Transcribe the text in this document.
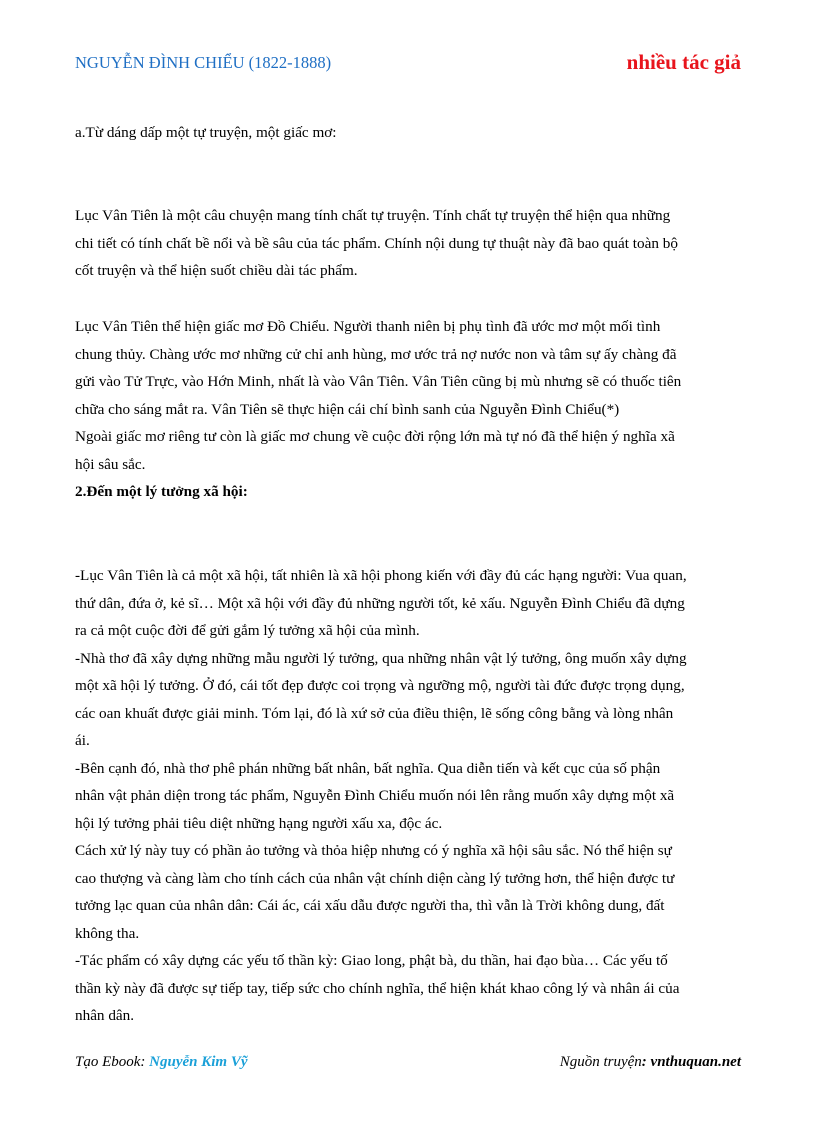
NGUYỄN ĐÌNH CHIỂU (1822-1888)	nhiều tác giả

a.Từ dáng dấp một tự truyện, một giấc mơ:

Lục Vân Tiên là một câu chuyện mang tính chất tự truyện. Tính chất tự truyện thể hiện qua những
chi tiết có tính chất bề nổi và bề sâu của tác phẩm. Chính nội dung tự thuật này đã bao quát toàn bộ
cốt truyện và thể hiện suốt chiều dài tác phẩm.

Lục Vân Tiên thể hiện giấc mơ Đồ Chiểu. Người thanh niên bị phụ tình đã ước mơ một mối tình
chung thủy. Chàng ước mơ những cử chỉ anh hùng, mơ ước trả nợ nước non và tâm sự ấy chàng đã
gửi vào Tử Trực, vào Hớn Minh, nhất là vào Vân Tiên. Vân Tiên cũng bị mù nhưng sẽ có thuốc tiên
chữa cho sáng mắt ra. Vân Tiên sẽ thực hiện cái chí bình sanh của Nguyễn Đình Chiểu(*)
Ngoài giấc mơ riêng tư còn là giấc mơ chung về cuộc đời rộng lớn mà tự nó đã thể hiện ý nghĩa xã
hội sâu sắc.
2.Đến một lý tưởng xã hội:

-Lục Vân Tiên là cả một xã hội, tất nhiên là xã hội phong kiến với đầy đủ các hạng người: Vua quan,
thứ dân, đứa ở, kẻ sĩ… Một xã hội với đầy đủ những người tốt, kẻ xấu. Nguyễn Đình Chiểu đã dựng
ra cả một cuộc đời để gửi gắm lý tưởng xã hội của mình.
-Nhà thơ đã xây dựng những mẫu người lý tưởng, qua những nhân vật lý tưởng, ông muốn xây dựng
một xã hội lý tưởng. Ở đó, cái tốt đẹp được coi trọng và ngưỡng mộ, người tài đức được trọng dụng,
các oan khuất được giải minh. Tóm lại, đó là xứ sở của điều thiện, lẽ sống công bằng và lòng nhân
ái.
-Bên cạnh đó, nhà thơ phê phán những bất nhân, bất nghĩa. Qua diễn tiến và kết cục của số phận
nhân vật phản diện trong tác phẩm, Nguyễn Đình Chiểu muốn nói lên rằng muốn xây dựng một xã
hội lý tưởng phải tiêu diệt những hạng người xấu xa, độc ác.
Cách xử lý này tuy có phần ảo tưởng và thỏa hiệp nhưng có ý nghĩa xã hội sâu sắc. Nó thể hiện sự
cao thượng và càng làm cho tính cách của nhân vật chính diện càng lý tưởng hơn, thể hiện được tư
tưởng lạc quan của nhân dân: Cái ác, cái xấu dẫu được người tha, thì vẫn là Trời không dung, đất
không tha.
-Tác phẩm có xây dựng các yếu tố thần kỳ: Giao long, phật bà, du thần, hai đạo bùa… Các yếu tố
thần kỳ này đã được sự tiếp tay, tiếp sức cho chính nghĩa, thể hiện khát khao công lý và nhân ái của
nhân dân.

Tạo Ebook: Nguyễn Kim Vỹ	Nguồn truyện: vnthuquan.net
